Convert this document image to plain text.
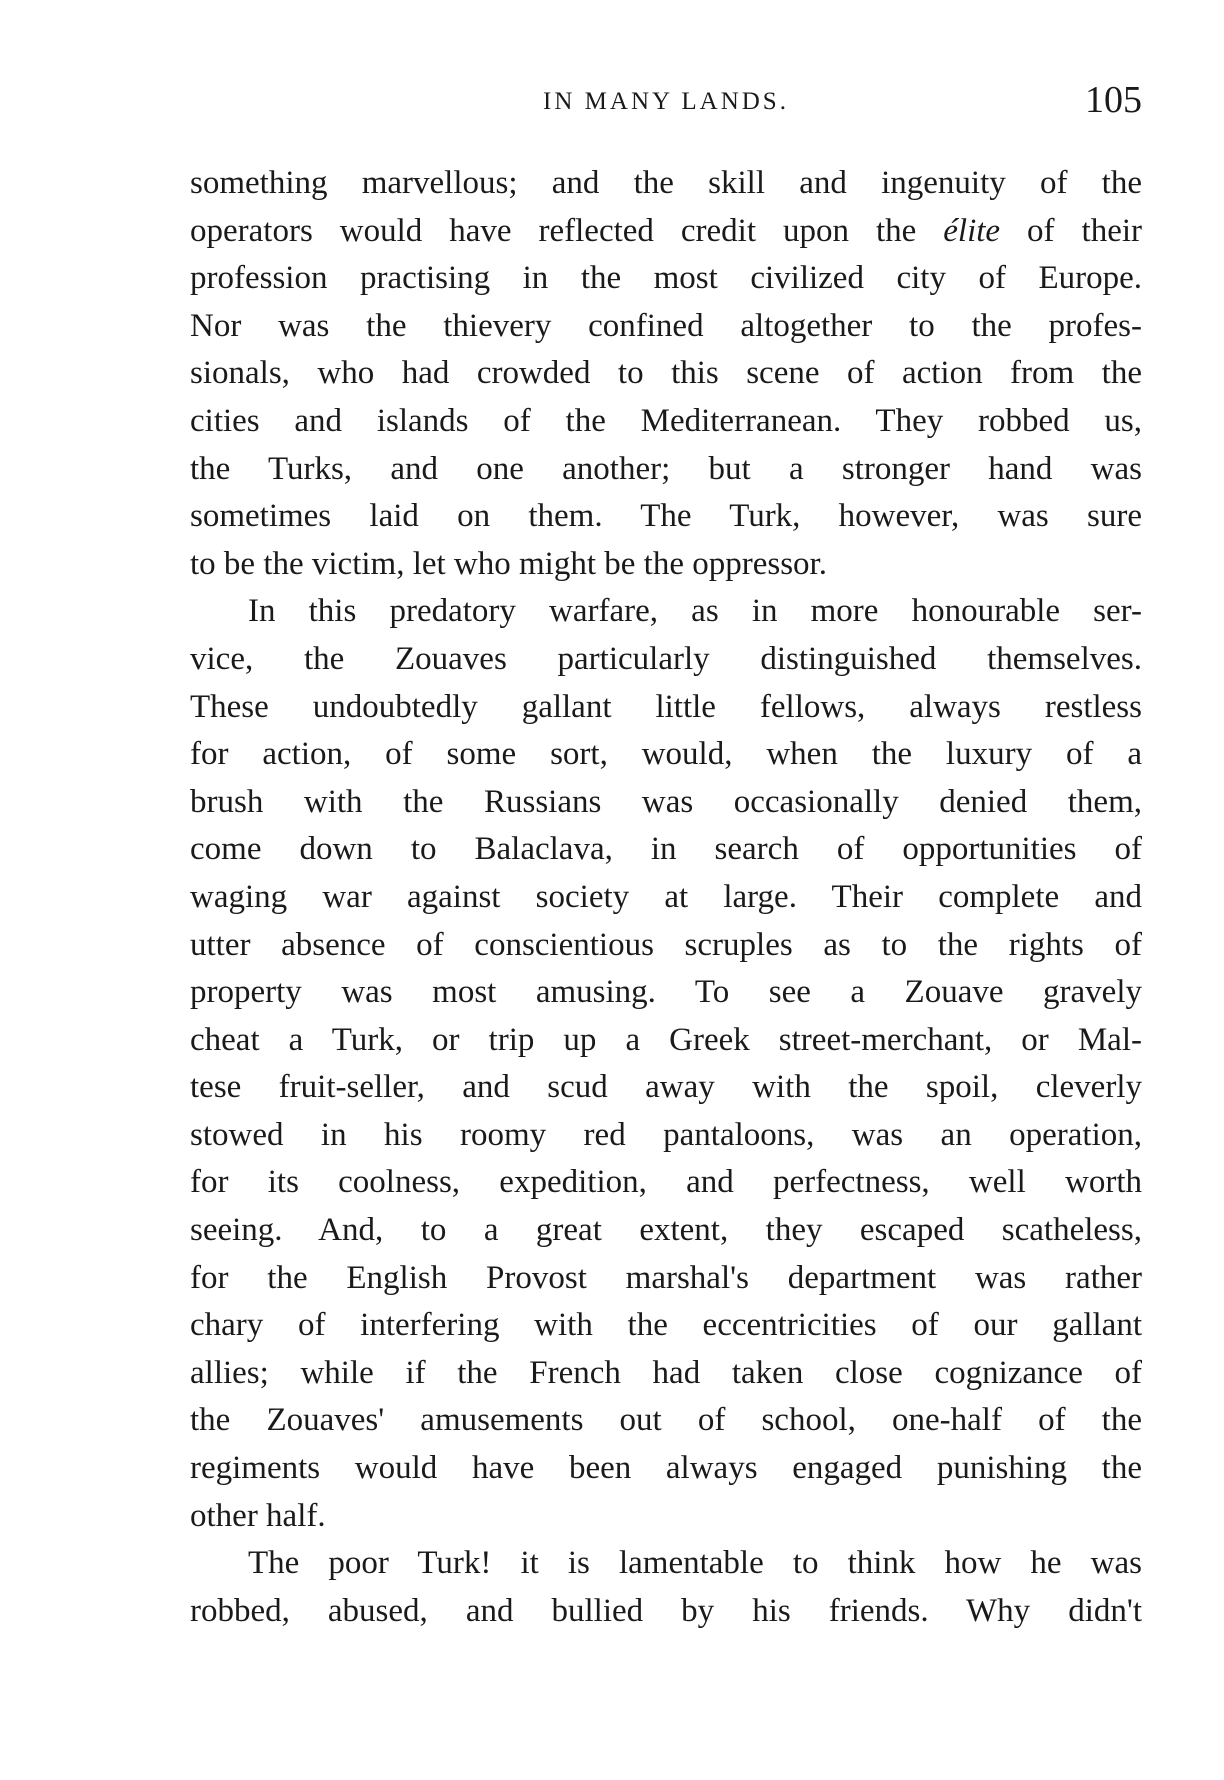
IN MANY LANDS.	105
something marvellous; and the skill and ingenuity of the
operators would have reflected credit upon the élite of their
profession practising in the most civilized city of Europe.
Nor was the thievery confined altogether to the profes-
sionals, who had crowded to this scene of action from the
cities and islands of the Mediterranean. They robbed us,
the Turks, and one another; but a stronger hand was
sometimes laid on them. The Turk, however, was sure
to be the victim, let who might be the oppressor.
In this predatory warfare, as in more honourable ser-
vice, the Zouaves particularly distinguished themselves.
These undoubtedly gallant little fellows, always restless
for action, of some sort, would, when the luxury of a
brush with the Russians was occasionally denied them,
come down to Balaclava, in search of opportunities of
waging war against society at large. Their complete and
utter absence of conscientious scruples as to the rights of
property was most amusing. To see a Zouave gravely
cheat a Turk, or trip up a Greek street-merchant, or Mal-
tese fruit-seller, and scud away with the spoil, cleverly
stowed in his roomy red pantaloons, was an operation,
for its coolness, expedition, and perfectness, well worth
seeing. And, to a great extent, they escaped scatheless,
for the English Provost marshal's department was rather
chary of interfering with the eccentricities of our gallant
allies; while if the French had taken close cognizance of
the Zouaves' amusements out of school, one-half of the
regiments would have been always engaged punishing the
other half.
The poor Turk! it is lamentable to think how he was
robbed, abused, and bullied by his friends. Why didn't
